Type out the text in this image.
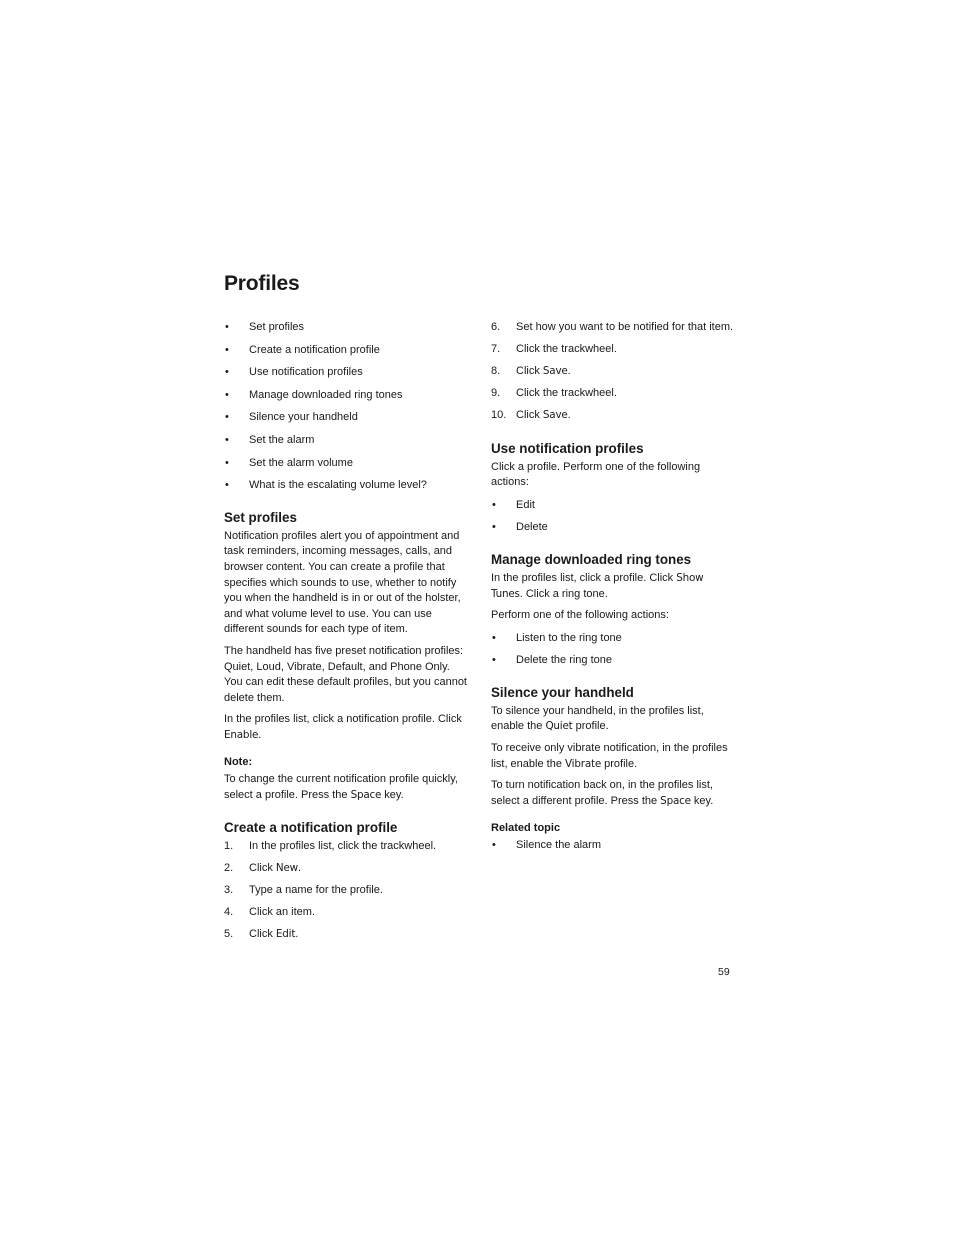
Profiles
• Set profiles
• Create a notification profile
• Use notification profiles
• Manage downloaded ring tones
• Silence your handheld
• Set the alarm
• Set the alarm volume
• What is the escalating volume level?
Set profiles

Notification profiles alert you of appointment and task reminders, incoming messages, calls, and browser content. You can create a profile that specifies which sounds to use, whether to notify you when the handheld is in or out of the holster, and what volume level to use. You can use different sounds for each type of item.

The handheld has five preset notification profiles: Quiet, Loud, Vibrate, Default, and Phone Only. You can edit these default profiles, but you cannot delete them.

In the profiles list, click a notification profile. Click Enable.

Note:

To change the current notification profile quickly, select a profile. Press the Space key.

Create a notification profile
1. In the profiles list, click the trackwheel.
2. Click New.
3. Type a name for the profile.
4. Click an item.
5. Click Edit.
6. Set how you want to be notified for that item.
7. Click the trackwheel.
8. Click Save.
9. Click the trackwheel.
10. Click Save.
Use notification profiles

Click a profile. Perform one of the following actions:

• Edit
• Delete
Manage downloaded ring tones

In the profiles list, click a profile. Click Show Tunes. Click a ring tone.

Perform one of the following actions:

• Listen to the ring tone
• Delete the ring tone
Silence your handheld

To silence your handheld, in the profiles list, enable the Quiet profile.

To receive only vibrate notification, in the profiles list, enable the Vibrate profile.

To turn notification back on, in the profiles list, select a different profile. Press the Space key.

Related topic
• Silence the alarm
59
